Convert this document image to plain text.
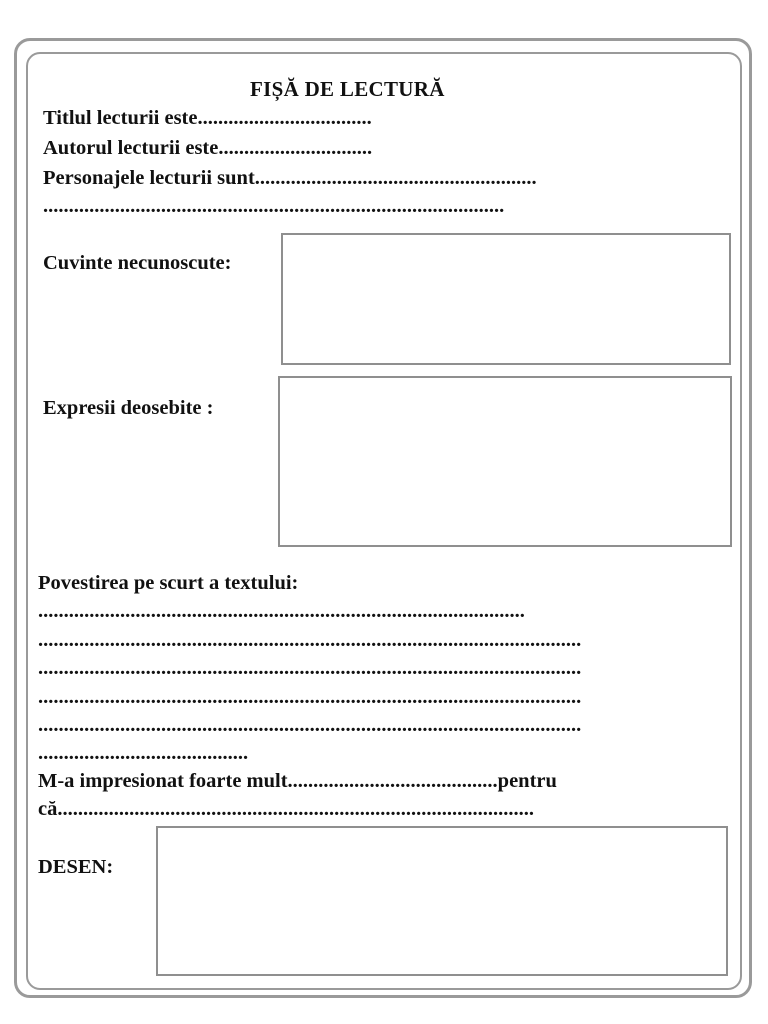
FIȘĂ DE LECTURĂ

Titlul lecturii este..................................

Autorul lecturii este..............................

Personajele lecturii sunt.......................................................

..........................................................................................

Cuvinte necunoscute:

Expresii deosebite :

Povestirea pe scurt a textului:

...............................................................................................

..........................................................................................................

..........................................................................................................

..........................................................................................................

..........................................................................................................

.........................................

M-a impresionat foarte mult.........................................pentru

că.............................................................................................

DESEN:
